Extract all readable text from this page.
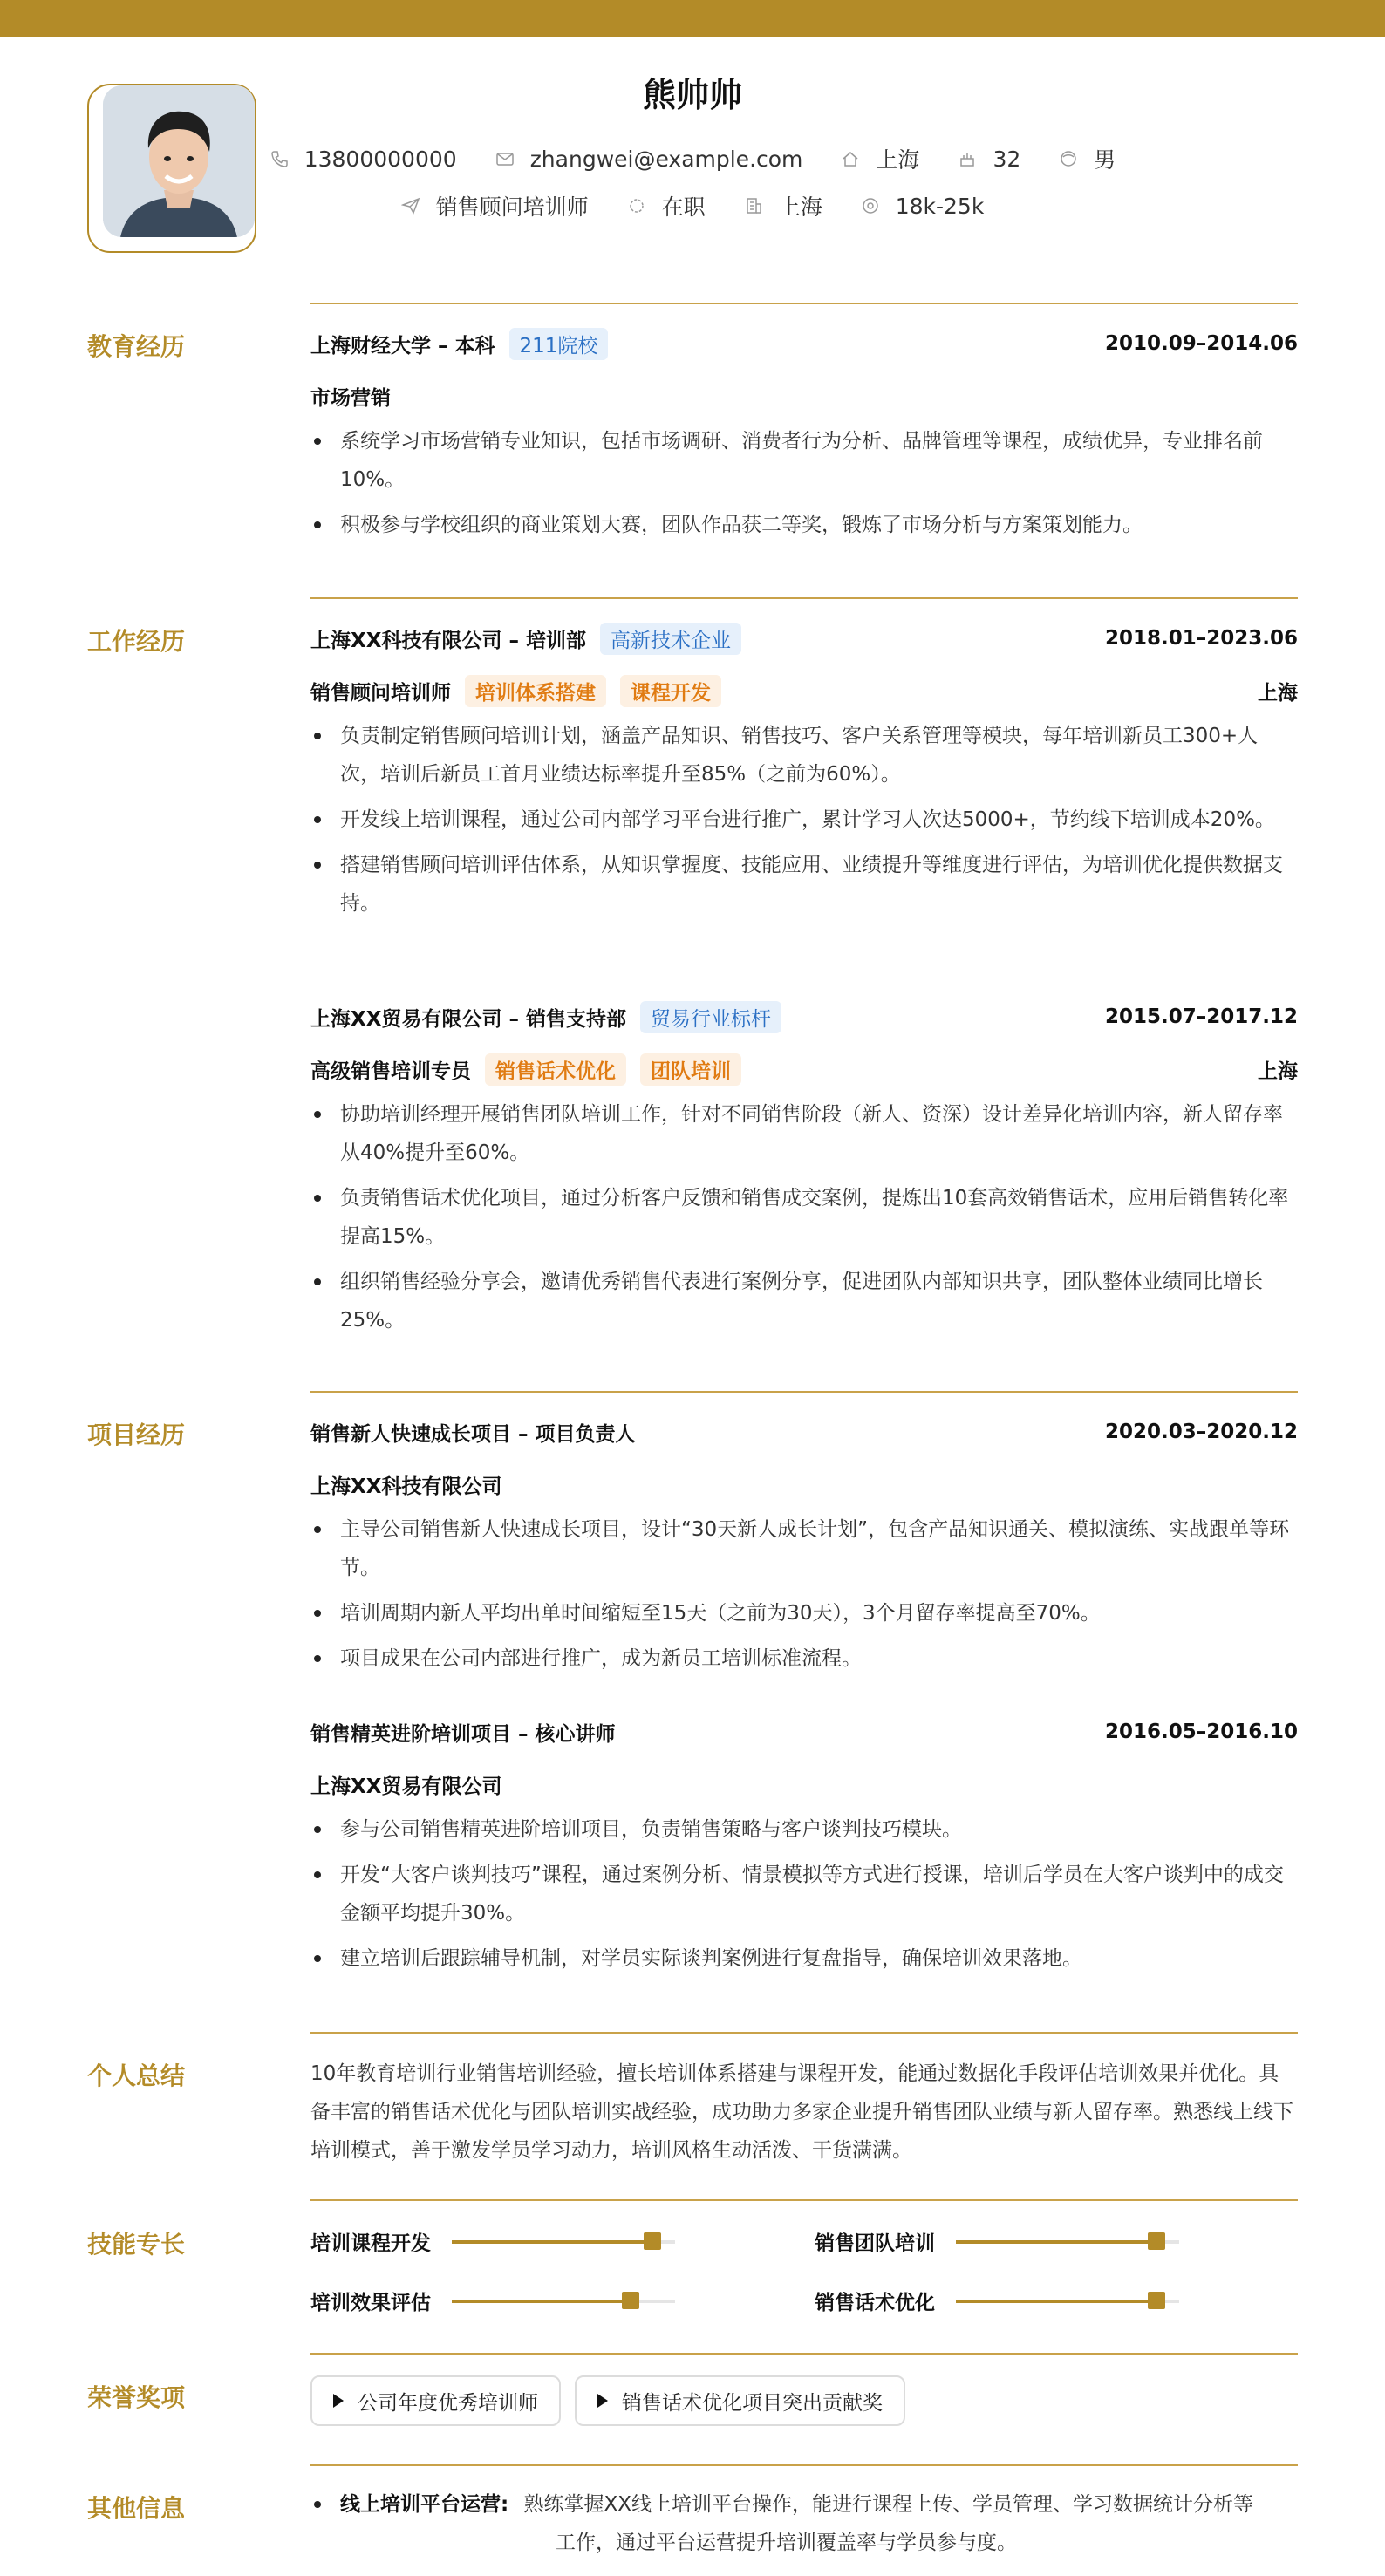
熊帅帅
13800000000	zhangwei@example.com	上海	32	男
销售顾问培训师	在职	上海	18k-25k
教育经历	上海财经大学 – 本科	211院校	2010.09–2014.06
市场营销
系统学习市场营销专业知识，包括市场调研、消费者行为分析、品牌管理等课程，成绩优异，专业排名前10%。
积极参与学校组织的商业策划大赛，团队作品获二等奖，锻炼了市场分析与方案策划能力。
工作经历	上海XX科技有限公司 – 培训部	高新技术企业	2018.01–2023.06
销售顾问培训师	培训体系搭建	课程开发	上海
负责制定销售顾问培训计划，涵盖产品知识、销售技巧、客户关系管理等模块，每年培训新员工300+人次，培训后新员工首月业绩达标率提升至85%（之前为60%）。
开发线上培训课程，通过公司内部学习平台进行推广，累计学习人次达5000+，节约线下培训成本20%。
搭建销售顾问培训评估体系，从知识掌握度、技能应用、业绩提升等维度进行评估，为培训优化提供数据支持。
上海XX贸易有限公司 – 销售支持部	贸易行业标杆	2015.07–2017.12
高级销售培训专员	销售话术优化	团队培训	上海
协助培训经理开展销售团队培训工作，针对不同销售阶段（新人、资深）设计差异化培训内容，新人留存率从40%提升至60%。
负责销售话术优化项目，通过分析客户反馈和销售成交案例，提炼出10套高效销售话术，应用后销售转化率提高15%。
组织销售经验分享会，邀请优秀销售代表进行案例分享，促进团队内部知识共享，团队整体业绩同比增长25%。
项目经历	销售新人快速成长项目 – 项目负责人	2020.03–2020.12
上海XX科技有限公司
主导公司销售新人快速成长项目，设计“30天新人成长计划”，包含产品知识通关、模拟演练、实战跟单等环节。
培训周期内新人平均出单时间缩短至15天（之前为30天），3个月留存率提高至70%。
项目成果在公司内部进行推广，成为新员工培训标准流程。
销售精英进阶培训项目 – 核心讲师	2016.05–2016.10
上海XX贸易有限公司
参与公司销售精英进阶培训项目，负责销售策略与客户谈判技巧模块。
开发“大客户谈判技巧”课程，通过案例分析、情景模拟等方式进行授课，培训后学员在大客户谈判中的成交金额平均提升30%。
建立培训后跟踪辅导机制，对学员实际谈判案例进行复盘指导，确保培训效果落地。
个人总结	10年教育培训行业销售培训经验，擅长培训体系搭建与课程开发，能通过数据化手段评估培训效果并优化。具备丰富的销售话术优化与团队培训实战经验，成功助力多家企业提升销售团队业绩与新人留存率。熟悉线上线下培训模式，善于激发学员学习动力，培训风格生动活泼、干货满满。
技能专长	培训课程开发	销售团队培训
培训效果评估	销售话术优化
荣誉奖项	公司年度优秀培训师	销售话术优化项目突出贡献奖
其他信息	线上培训平台运营: 熟练掌握XX线上培训平台操作，能进行课程上传、学员管理、学习数据统计分析等
工作，通过平台运营提升培训覆盖率与学员参与度。
